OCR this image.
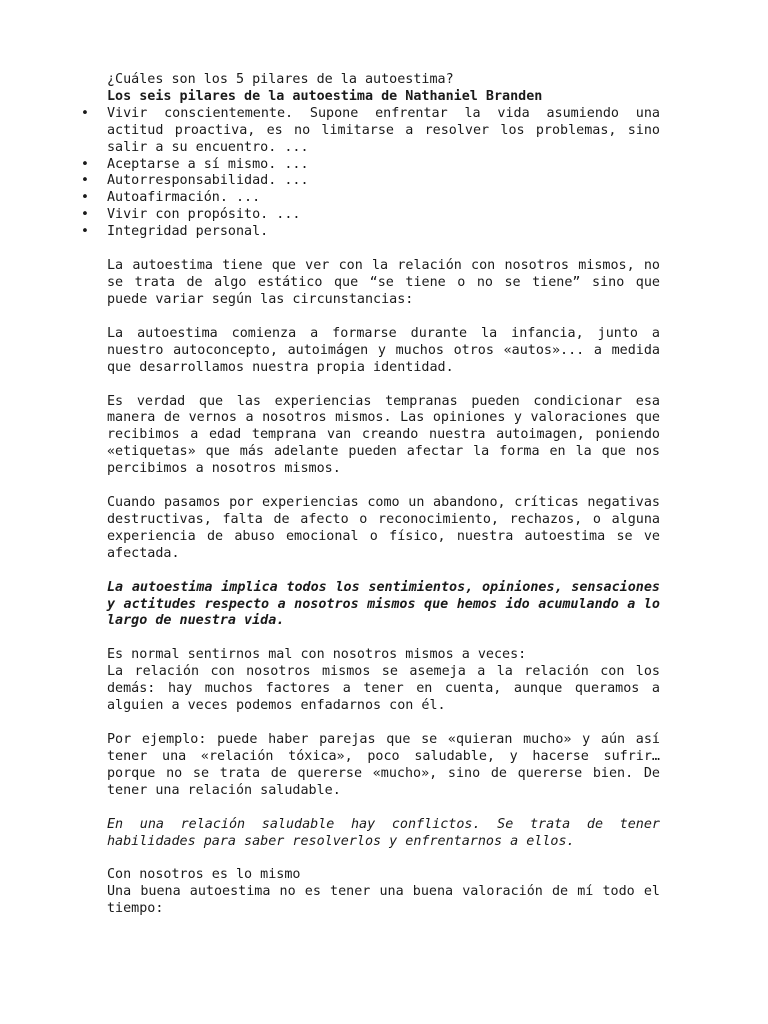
¿Cuáles son los 5 pilares de la autoestima?

Los seis pilares de la autoestima de Nathaniel Branden

• Vivir conscientemente. Supone enfrentar la vida asumiendo una actitud proactiva, es no limitarse a resolver los problemas, sino salir a su encuentro. ...
• Aceptarse a sí mismo. ...
• Autorresponsabilidad. ...
• Autoafirmación. ...
• Vivir con propósito. ...
• Integridad personal.

La autoestima tiene que ver con la relación con nosotros mismos, no se trata de algo estático que “se tiene o no se tiene” sino que puede variar según las circunstancias:

La autoestima comienza a formarse durante la infancia, junto a nuestro autoconcepto, autoimágen y muchos otros «autos»... a medida que desarrollamos nuestra propia identidad.

Es verdad que las experiencias tempranas pueden condicionar esa manera de vernos a nosotros mismos. Las opiniones y valoraciones que recibimos a edad temprana van creando nuestra autoimagen, poniendo «etiquetas» que más adelante pueden afectar la forma en la que nos percibimos a nosotros mismos.

Cuando pasamos por experiencias como un abandono, críticas negativas destructivas, falta de afecto o reconocimiento, rechazos, o alguna experiencia de abuso emocional o físico, nuestra autoestima se ve afectada.

La autoestima implica todos los sentimientos, opiniones, sensaciones y actitudes respecto a nosotros mismos que hemos ido acumulando a lo largo de nuestra vida.

Es normal sentirnos mal con nosotros mismos a veces:

La relación con nosotros mismos se asemeja a la relación con los demás: hay muchos factores a tener en cuenta, aunque queramos a alguien a veces podemos enfadarnos con él.

Por ejemplo: puede haber parejas que se «quieran mucho» y aún así tener una «relación tóxica», poco saludable, y hacerse sufrir… porque no se trata de quererse «mucho», sino de quererse bien. De tener una relación saludable.

En una relación saludable hay conflictos. Se trata de tener habilidades para saber resolverlos y enfrentarnos a ellos.

Con nosotros es lo mismo

Una buena autoestima no es tener una buena valoración de mí todo el tiempo:
